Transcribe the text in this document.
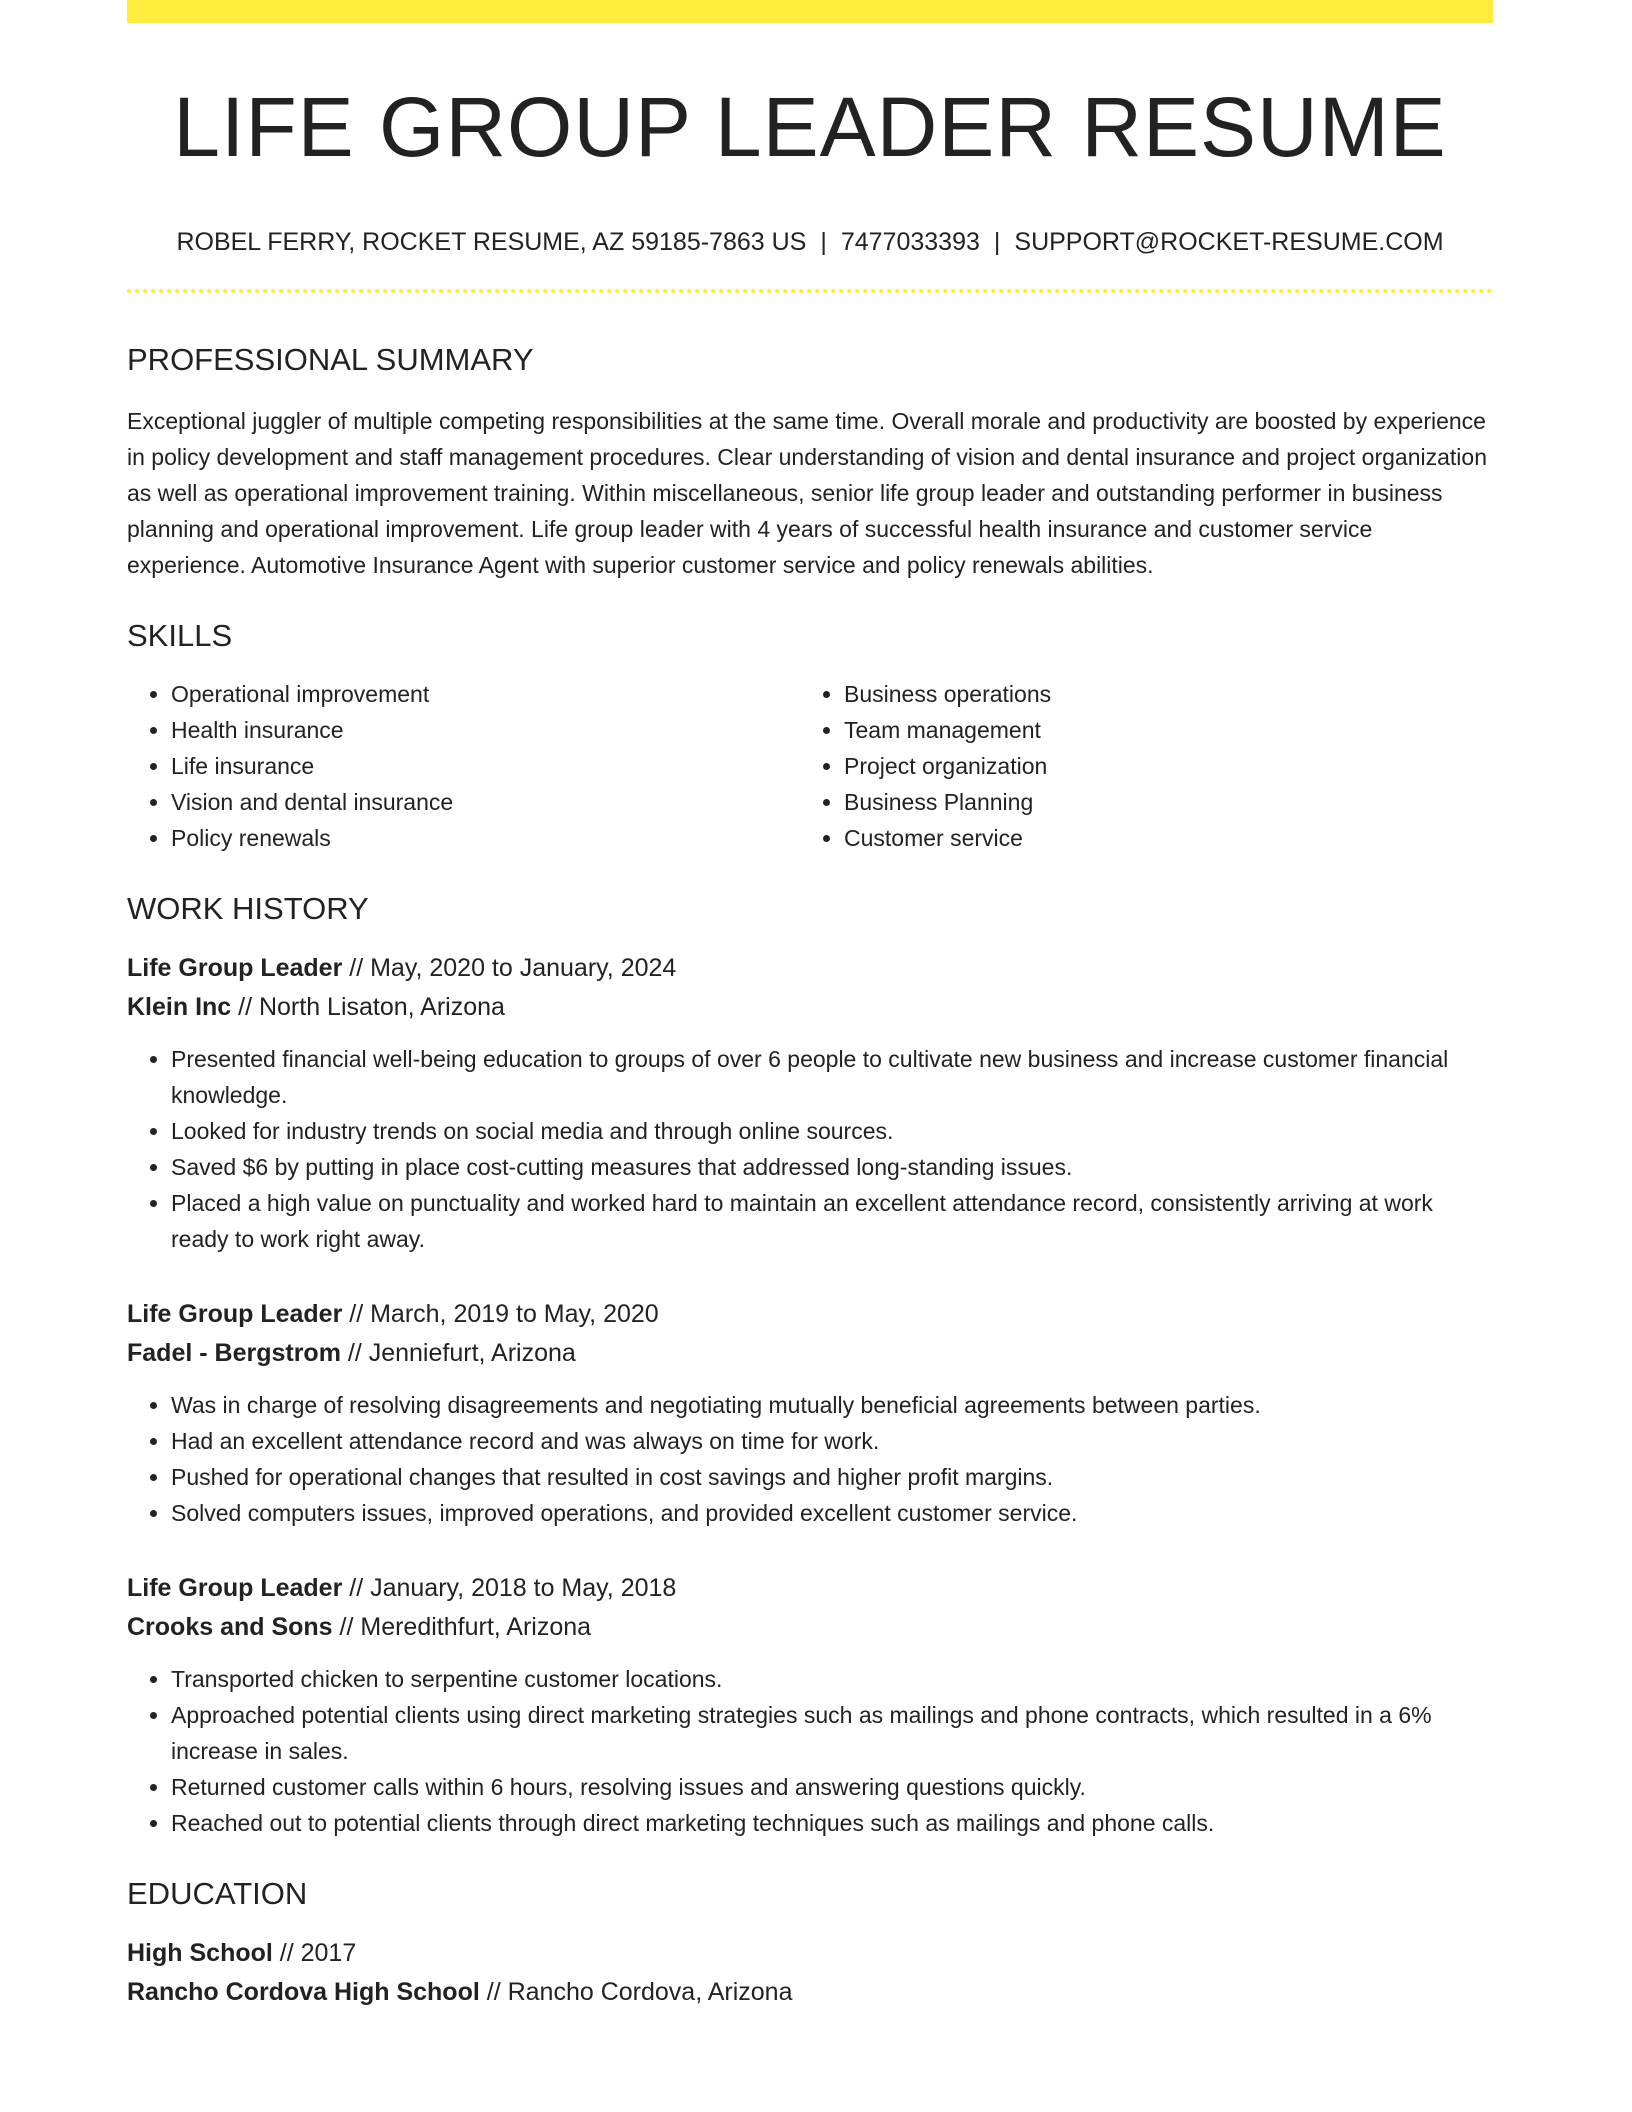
LIFE GROUP LEADER RESUME
ROBEL FERRY, ROCKET RESUME, AZ 59185-7863 US | 7477033393 | SUPPORT@ROCKET-RESUME.COM
PROFESSIONAL SUMMARY
Exceptional juggler of multiple competing responsibilities at the same time. Overall morale and productivity are boosted by experience in policy development and staff management procedures. Clear understanding of vision and dental insurance and project organization as well as operational improvement training. Within miscellaneous, senior life group leader and outstanding performer in business planning and operational improvement. Life group leader with 4 years of successful health insurance and customer service experience. Automotive Insurance Agent with superior customer service and policy renewals abilities.
SKILLS
• Operational improvement
• Health insurance
• Life insurance
• Vision and dental insurance
• Policy renewals
• Business operations
• Team management
• Project organization
• Business Planning
• Customer service
WORK HISTORY
Life Group Leader // May, 2020 to January, 2024
Klein Inc // North Lisaton, Arizona
• Presented financial well-being education to groups of over 6 people to cultivate new business and increase customer financial knowledge.
• Looked for industry trends on social media and through online sources.
• Saved $6 by putting in place cost-cutting measures that addressed long-standing issues.
• Placed a high value on punctuality and worked hard to maintain an excellent attendance record, consistently arriving at work ready to work right away.
Life Group Leader // March, 2019 to May, 2020
Fadel - Bergstrom // Jenniefurt, Arizona
• Was in charge of resolving disagreements and negotiating mutually beneficial agreements between parties.
• Had an excellent attendance record and was always on time for work.
• Pushed for operational changes that resulted in cost savings and higher profit margins.
• Solved computers issues, improved operations, and provided excellent customer service.
Life Group Leader // January, 2018 to May, 2018
Crooks and Sons // Meredithfurt, Arizona
• Transported chicken to serpentine customer locations.
• Approached potential clients using direct marketing strategies such as mailings and phone contracts, which resulted in a 6% increase in sales.
• Returned customer calls within 6 hours, resolving issues and answering questions quickly.
• Reached out to potential clients through direct marketing techniques such as mailings and phone calls.
EDUCATION
High School // 2017
Rancho Cordova High School // Rancho Cordova, Arizona
